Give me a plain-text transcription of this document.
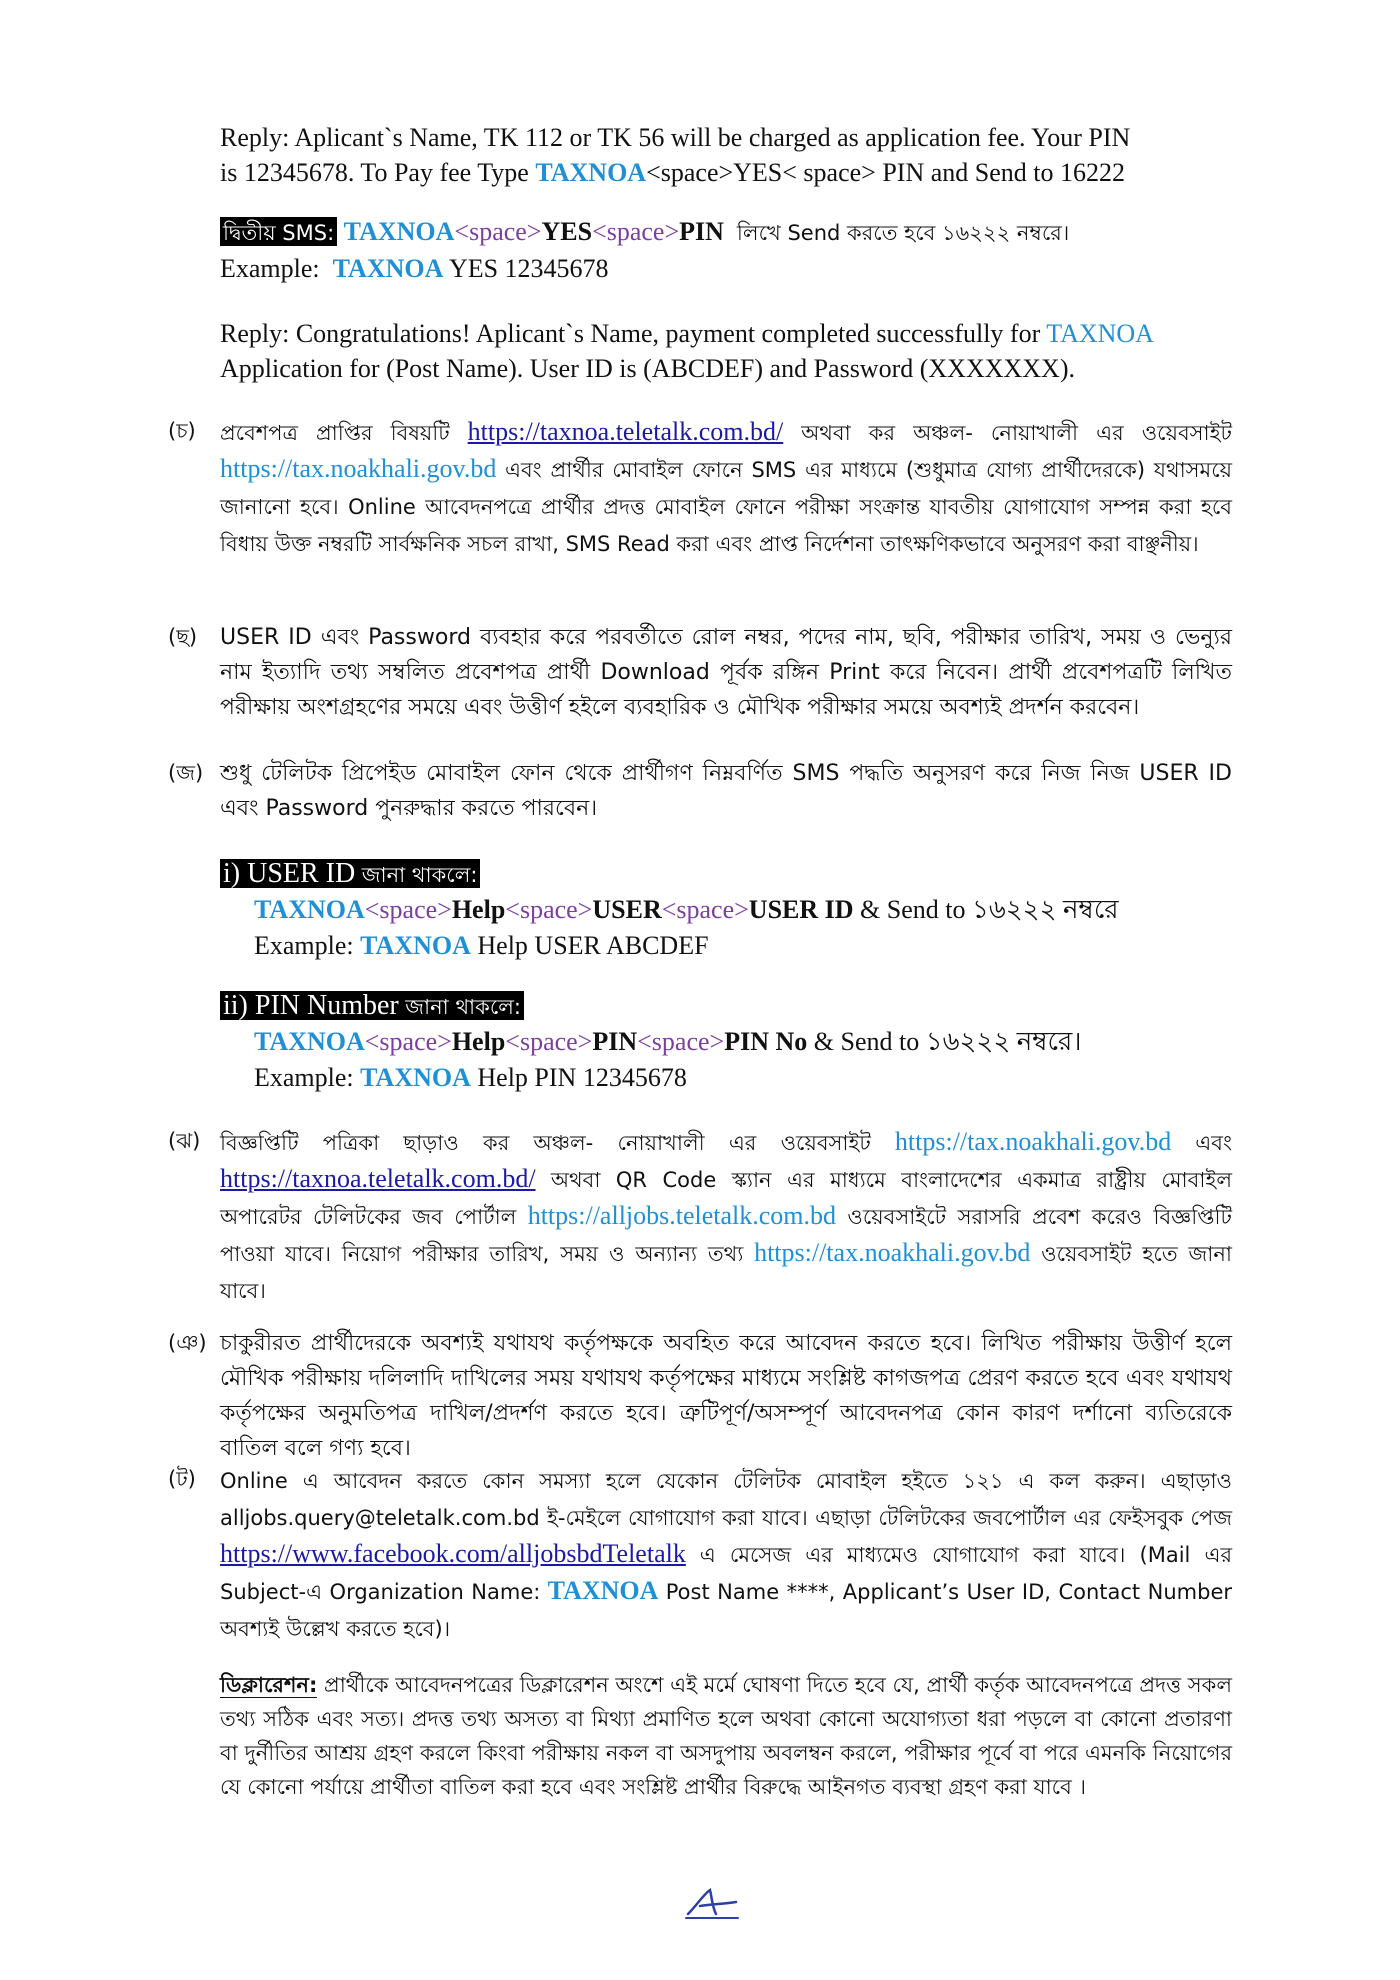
Reply: Aplicant`s Name, TK 112 or TK 56 will be charged as application fee. Your PIN
is 12345678. To Pay fee Type TAXNOA<space>YES< space> PIN and Send to 16222
দ্বিতীয় SMS: TAXNOA<space>YES<space>PIN লিখে Send করতে হবে ১৬২২২ নম্বরে।
Example: TAXNOA YES 12345678
Reply: Congratulations! Aplicant`s Name, payment completed successfully for TAXNOA
Application for (Post Name). User ID is (ABCDEF) and Password (XXXXXXX).
(চ) প্রবেশপত্র প্রাপ্তির বিষয়টি https://taxnoa.teletalk.com.bd/ অথবা কর অঞ্চল- নোয়াখালী এর ওয়েবসাইট https://tax.noakhali.gov.bd এবং প্রার্থীর মোবাইল ফোনে SMS এর মাধ্যমে (শুধুমাত্র যোগ্য প্রার্থীদেরকে) যথাসময়ে জানানো হবে। Online আবেদনপত্রে প্রার্থীর প্রদত্ত মোবাইল ফোনে পরীক্ষা সংক্রান্ত যাবতীয় যোগাযোগ সম্পন্ন করা হবে বিধায় উক্ত নম্বরটি সার্বক্ষনিক সচল রাখা, SMS Read করা এবং প্রাপ্ত নির্দেশনা তাৎক্ষণিকভাবে অনুসরণ করা বাঞ্ছনীয়।
(ছ) USER ID এবং Password ব্যবহার করে পরবর্তীতে রোল নম্বর, পদের নাম, ছবি, পরীক্ষার তারিখ, সময় ও ভেন্যুর নাম ইত্যাদি তথ্য সম্বলিত প্রবেশপত্র প্রার্থী Download পূর্বক রঙ্গিন Print করে নিবেন। প্রার্থী প্রবেশপত্রটি লিখিত পরীক্ষায় অংশগ্রহণের সময়ে এবং উত্তীর্ণ হইলে ব্যবহারিক ও মৌখিক পরীক্ষার সময়ে অবশ্যই প্রদর্শন করবেন।
(জ) শুধু টেলিটক প্রিপেইড মোবাইল ফোন থেকে প্রার্থীগণ নিম্নবর্ণিত SMS পদ্ধতি অনুসরণ করে নিজ নিজ USER ID এবং Password পুনরুদ্ধার করতে পারবেন।
i) USER ID জানা থাকলে:
TAXNOA<space>Help<space>USER<space>USER ID & Send to ১৬২২২ নম্বরে
Example: TAXNOA Help USER ABCDEF
ii) PIN Number জানা থাকলে:
TAXNOA<space>Help<space>PIN<space>PIN No & Send to ১৬২২২ নম্বরে।
Example: TAXNOA Help PIN 12345678
(ঝ) বিজ্ঞপ্তিটি পত্রিকা ছাড়াও কর অঞ্চল- নোয়াখালী এর ওয়েবসাইট https://tax.noakhali.gov.bd এবং https://taxnoa.teletalk.com.bd/ অথবা QR Code স্ক্যান এর মাধ্যমে বাংলাদেশের একমাত্র রাষ্ট্রীয় মোবাইল অপারেটর টেলিটকের জব পোর্টাল https://alljobs.teletalk.com.bd ওয়েবসাইটে সরাসরি প্রবেশ করেও বিজ্ঞপ্তিটি পাওয়া যাবে। নিয়োগ পরীক্ষার তারিখ, সময় ও অন্যান্য তথ্য https://tax.noakhali.gov.bd ওয়েবসাইট হতে জানা যাবে।
(ঞ) চাকুরীরত প্রার্থীদেরকে অবশ্যই যথাযথ কর্তৃপক্ষকে অবহিত করে আবেদন করতে হবে। লিখিত পরীক্ষায় উত্তীর্ণ হলে মৌখিক পরীক্ষায় দলিলাদি দাখিলের সময় যথাযথ কর্তৃপক্ষের মাধ্যমে সংশ্লিষ্ট কাগজপত্র প্রেরণ করতে হবে এবং যথাযথ কর্তৃপক্ষের অনুমতিপত্র দাখিল/প্রদর্শণ করতে হবে। ত্রুটিপূর্ণ/অসম্পূর্ণ আবেদনপত্র কোন কারণ দর্শানো ব্যতিরেকে বাতিল বলে গণ্য হবে।
(ট) Online এ আবেদন করতে কোন সমস্যা হলে যেকোন টেলিটক মোবাইল হইতে ১২১ এ কল করুন। এছাড়াও alljobs.query@teletalk.com.bd ই-মেইলে যোগাযোগ করা যাবে। এছাড়া টেলিটকের জবপোর্টাল এর ফেইসবুক পেজ https://www.facebook.com/alljobsbdTeletalk এ মেসেজ এর মাধ্যমেও যোগাযোগ করা যাবে। (Mail এর Subject-এ Organization Name: TAXNOA Post Name ****, Applicant’s User ID, Contact Number অবশ্যই উল্লেখ করতে হবে)।
ডিক্লারেশন: প্রার্থীকে আবেদনপত্রের ডিক্লারেশন অংশে এই মর্মে ঘোষণা দিতে হবে যে, প্রার্থী কর্তৃক আবেদনপত্রে প্রদত্ত সকল তথ্য সঠিক এবং সত্য। প্রদত্ত তথ্য অসত্য বা মিথ্যা প্রমাণিত হলে অথবা কোনো অযোগ্যতা ধরা পড়লে বা কোনো প্রতারণা বা দুর্নীতির আশ্রয় গ্রহণ করলে কিংবা পরীক্ষায় নকল বা অসদুপায় অবলম্বন করলে, পরীক্ষার পূর্বে বা পরে এমনকি নিয়োগের যে কোনো পর্যায়ে প্রার্থীতা বাতিল করা হবে এবং সংশ্লিষ্ট প্রার্থীর বিরুদ্ধে আইনগত ব্যবস্থা গ্রহণ করা যাবে ।
